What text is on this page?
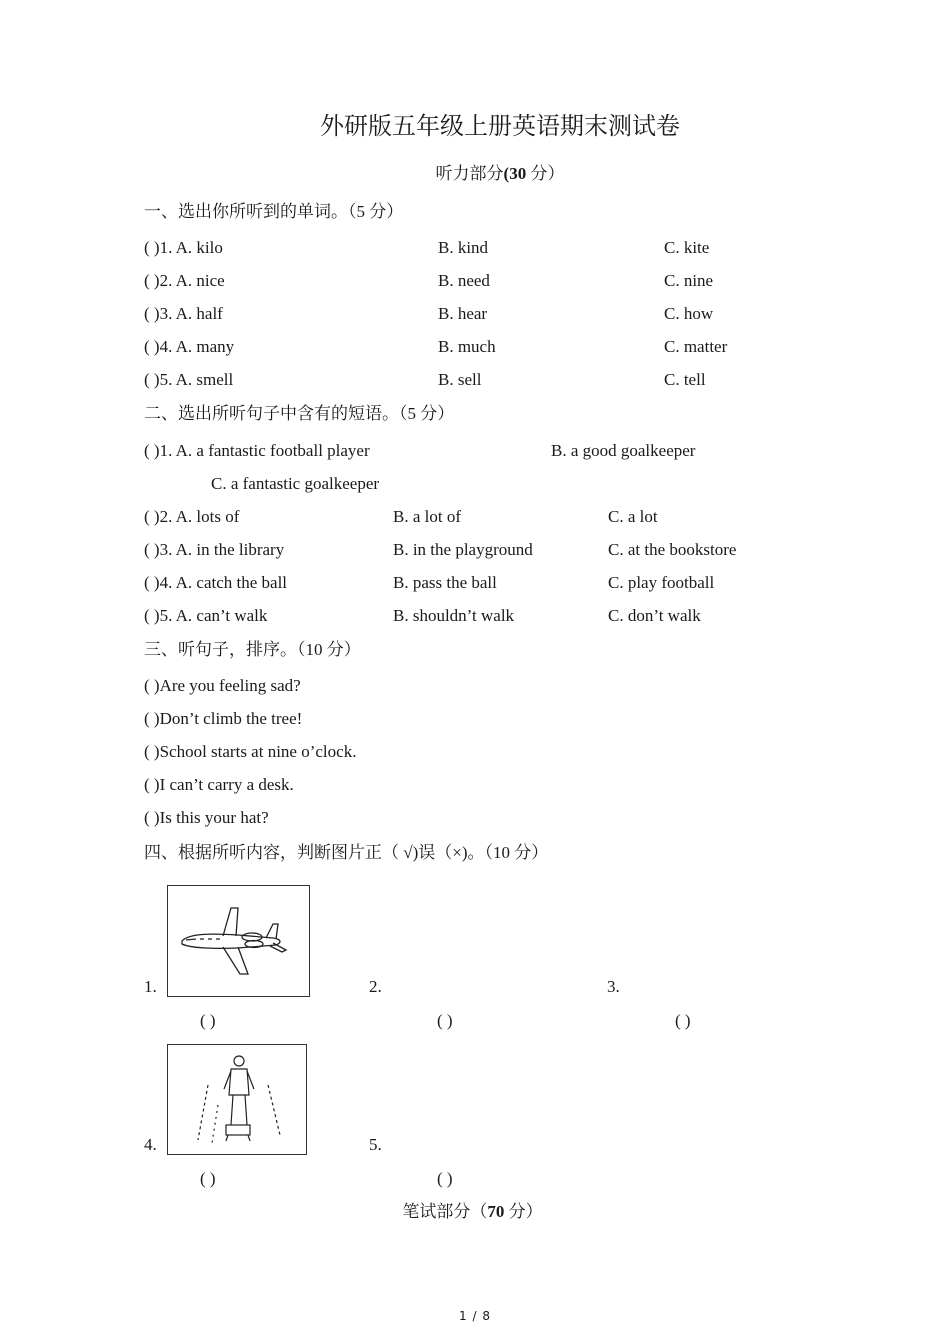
外研版五年级上册英语期末测试卷
听力部分(30 分）
一、选出你所听到的单词。（5 分）
( )1. A. kilo	B. kind	C. kite
( )2. A. nice	B. need	C. nine
( )3. A. half	B. hear	C. how
( )4. A. many	B. much	C. matter
( )5. A. smell	B. sell	C. tell
二、选出所听句子中含有的短语。（5 分）
( )1. A. a fantastic football player	B. a good goalkeeper
C. a fantastic goalkeeper
( )2. A. lots of	B. a lot of	C. a lot
( )3. A. in the library	B. in the playground	C. at the bookstore
( )4. A. catch the ball	B. pass the ball	C. play football
( )5. A. can’t walk	B. shouldn’t walk	C. don’t walk
三、听句子，排序。（10 分）
( )Are you feeling sad?
( )Don’t climb the tree!
( )School starts at nine o’clock.
( )I can’t carry a desk.
( )Is this your hat?
四、根据所听内容，判断图片正（ √)误（×)。（10 分）
1.	2.	3.
( )	( )	( )
4.	5.
( )	( )
笔试部分（70 分）
1 / 8
